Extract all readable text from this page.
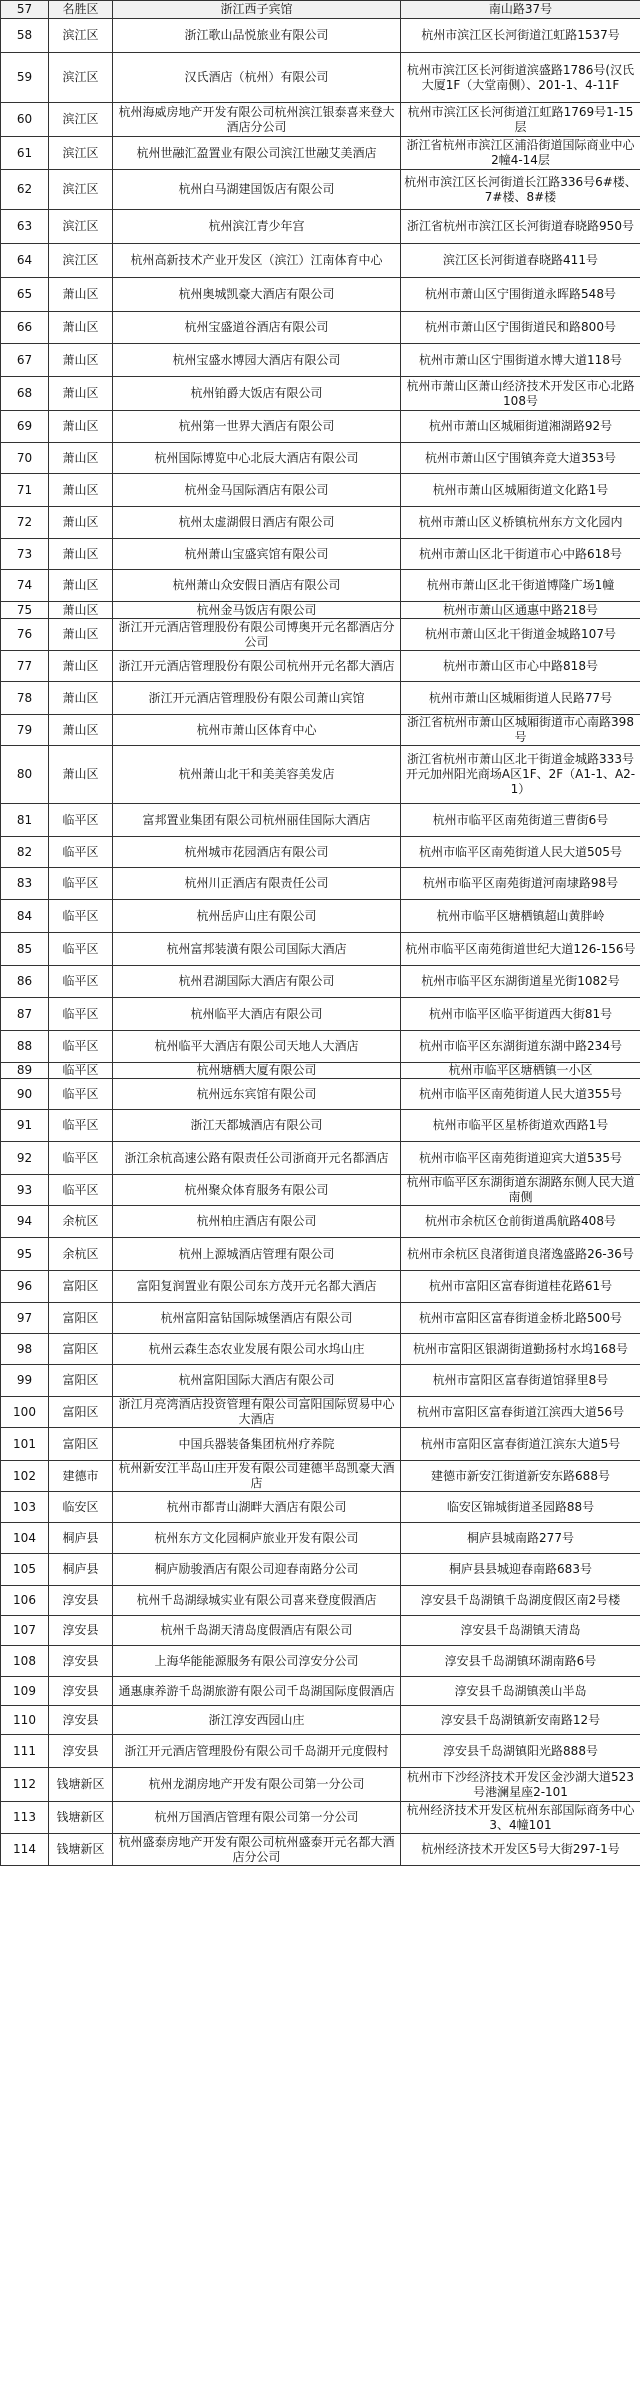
57	名胜区	浙江西子宾馆	南山路37号
58	滨江区	浙江歌山品悦旅业有限公司	杭州市滨江区长河街道江虹路1537号
59	滨江区	汉氏酒店（杭州）有限公司	杭州市滨江区长河街道滨盛路1786号(汉氏大厦1F（大堂南侧）、201-1、4-11F
60	滨江区	杭州海威房地产开发有限公司杭州滨江银泰喜来登大酒店分公司	杭州市滨江区长河街道江虹路1769号1-15层
61	滨江区	杭州世融汇盈置业有限公司滨江世融艾美酒店	浙江省杭州市滨江区浦沿街道国际商业中心2幢4-14层
62	滨江区	杭州白马湖建国饭店有限公司	杭州市滨江区长河街道长江路336号6#楼、7#楼、8#楼
63	滨江区	杭州滨江青少年宫	浙江省杭州市滨江区长河街道春晓路950号
64	滨江区	杭州高新技术产业开发区（滨江）江南体育中心	滨江区长河街道春晓路411号
65	萧山区	杭州奥城凯豪大酒店有限公司	杭州市萧山区宁围街道永晖路548号
66	萧山区	杭州宝盛道谷酒店有限公司	杭州市萧山区宁围街道民和路800号
67	萧山区	杭州宝盛水博园大酒店有限公司	杭州市萧山区宁围街道水博大道118号
68	萧山区	杭州铂爵大饭店有限公司	杭州市萧山区萧山经济技术开发区市心北路108号
69	萧山区	杭州第一世界大酒店有限公司	杭州市萧山区城厢街道湘湖路92号
70	萧山区	杭州国际博览中心北辰大酒店有限公司	杭州市萧山区宁围镇奔竞大道353号
71	萧山区	杭州金马国际酒店有限公司	杭州市萧山区城厢街道文化路1号
72	萧山区	杭州太虚湖假日酒店有限公司	杭州市萧山区义桥镇杭州东方文化园内
73	萧山区	杭州萧山宝盛宾馆有限公司	杭州市萧山区北干街道市心中路618号
74	萧山区	杭州萧山众安假日酒店有限公司	杭州市萧山区北干街道博隆广场1幢
75	萧山区	杭州金马饭店有限公司	杭州市萧山区通惠中路218号
76	萧山区	浙江开元酒店管理股份有限公司博奥开元名都酒店分公司	杭州市萧山区北干街道金城路107号
77	萧山区	浙江开元酒店管理股份有限公司杭州开元名都大酒店	杭州市萧山区市心中路818号
78	萧山区	浙江开元酒店管理股份有限公司萧山宾馆	杭州市萧山区城厢街道人民路77号
79	萧山区	杭州市萧山区体育中心	浙江省杭州市萧山区城厢街道市心南路398号
80	萧山区	杭州萧山北干和美美容美发店	浙江省杭州市萧山区北干街道金城路333号开元加州阳光商场A区1F、2F（A1-1、A2-1）
81	临平区	富邦置业集团有限公司杭州丽佳国际大酒店	杭州市临平区南苑街道三曹街6号
82	临平区	杭州城市花园酒店有限公司	杭州市临平区南苑街道人民大道505号
83	临平区	杭州川正酒店有限责任公司	杭州市临平区南苑街道河南埭路98号
84	临平区	杭州岳庐山庄有限公司	杭州市临平区塘栖镇超山黄胖岭
85	临平区	杭州富邦装潢有限公司国际大酒店	杭州市临平区南苑街道世纪大道126-156号
86	临平区	杭州君湖国际大酒店有限公司	杭州市临平区东湖街道星光街1082号
87	临平区	杭州临平大酒店有限公司	杭州市临平区临平街道西大街81号
88	临平区	杭州临平大酒店有限公司天地人大酒店	杭州市临平区东湖街道东湖中路234号
89	临平区	杭州塘栖大厦有限公司	杭州市临平区塘栖镇一小区
90	临平区	杭州远东宾馆有限公司	杭州市临平区南苑街道人民大道355号
91	临平区	浙江天都城酒店有限公司	杭州市临平区星桥街道欢西路1号
92	临平区	浙江余杭高速公路有限责任公司浙商开元名都酒店	杭州市临平区南苑街道迎宾大道535号
93	临平区	杭州聚众体育服务有限公司	杭州市临平区东湖街道东湖路东侧人民大道南侧
94	余杭区	杭州柏庄酒店有限公司	杭州市余杭区仓前街道禹航路408号
95	余杭区	杭州上源城酒店管理有限公司	杭州市余杭区良渚街道良渚逸盛路26-36号
96	富阳区	富阳复润置业有限公司东方茂开元名都大酒店	杭州市富阳区富春街道桂花路61号
97	富阳区	杭州富阳富钻国际城堡酒店有限公司	杭州市富阳区富春街道金桥北路500号
98	富阳区	杭州云森生态农业发展有限公司水坞山庄	杭州市富阳区银湖街道勤扬村水坞168号
99	富阳区	杭州富阳国际大酒店有限公司	杭州市富阳区富春街道馆驿里8号
100	富阳区	浙江月亮湾酒店投资管理有限公司富阳国际贸易中心大酒店	杭州市富阳区富春街道江滨西大道56号
101	富阳区	中国兵器装备集团杭州疗养院	杭州市富阳区富春街道江滨东大道5号
102	建德市	杭州新安江半岛山庄开发有限公司建德半岛凯豪大酒店	建德市新安江街道新安东路688号
103	临安区	杭州市都青山湖畔大酒店有限公司	临安区锦城街道圣园路88号
104	桐庐县	杭州东方文化园桐庐旅业开发有限公司	桐庐县城南路277号
105	桐庐县	桐庐励骏酒店有限公司迎春南路分公司	桐庐县县城迎春南路683号
106	淳安县	杭州千岛湖绿城实业有限公司喜来登度假酒店	淳安县千岛湖镇千岛湖度假区南2号楼
107	淳安县	杭州千岛湖天清岛度假酒店有限公司	淳安县千岛湖镇天清岛
108	淳安县	上海华能能源服务有限公司淳安分公司	淳安县千岛湖镇环湖南路6号
109	淳安县	通惠康养游千岛湖旅游有限公司千岛湖国际度假酒店	淳安县千岛湖镇羡山半岛
110	淳安县	浙江淳安西园山庄	淳安县千岛湖镇新安南路12号
111	淳安县	浙江开元酒店管理股份有限公司千岛湖开元度假村	淳安县千岛湖镇阳光路888号
112	钱塘新区	杭州龙湖房地产开发有限公司第一分公司	杭州市下沙经济技术开发区金沙湖大道523号港澜星座2-101
113	钱塘新区	杭州万国酒店管理有限公司第一分公司	杭州经济技术开发区杭州东部国际商务中心3、4幢101
114	钱塘新区	杭州盛泰房地产开发有限公司杭州盛泰开元名都大酒店分公司	杭州经济技术开发区5号大街297-1号
